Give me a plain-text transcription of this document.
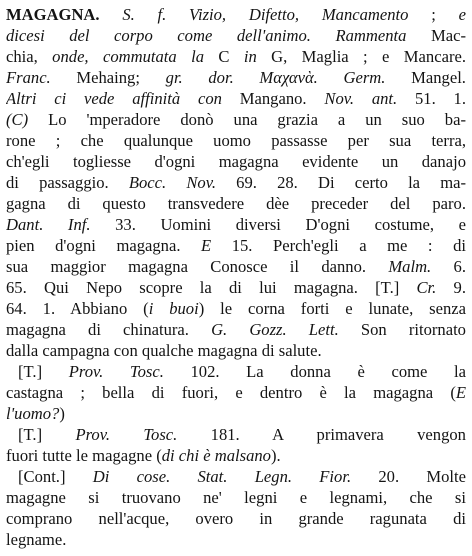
MAGAGNA. S. f. Vizio, Difetto, Mancamento ; e
dicesi del corpo come dell'animo. Rammenta Mac-
chia, onde, commutata la C in G, Maglia ; e Mancare.
Franc. Mehaing; gr. dor. Μαχανὰ. Germ. Mangel.
Altri ci vede affinità con Mangano. Nov. ant. 51. 1.
(C) Lo 'mperadore donò una grazia a un suo ba-
rone ; che qualunque uomo passasse per sua terra,
ch'egli togliesse d'ogni magagna evidente un danajo
di passaggio. Bocc. Nov. 69. 28. Di certo la ma-
gagna di questo transvedere dèe preceder del paro.
Dant. Inf. 33. Uomini diversi D'ogni costume, e
pien d'ogni magagna. E 15. Perch'egli a me : di
sua maggior magagna Conosce il danno. Malm. 6.
65. Qui Nepo scopre la di lui magagna. [T.] Cr. 9.
64. 1. Abbiano (i buoi) le corna forti e lunate, senza
magagna di chinatura. G. Gozz. Lett. Son ritornato
dalla campagna con qualche magagna di salute.
[T.] Prov. Tosc. 102. La donna è come la
castagna ; bella di fuori, e dentro è la magagna (E
l'uomo?)
[T.] Prov. Tosc. 181. A primavera vengon
fuori tutte le magagne (di chi è malsano).
[Cont.] Di cose. Stat. Legn. Fior. 20. Molte
magagne si truovano ne' legni e legnami, che si
comprano nell'acque, overo in grande ragunata di
legname.
